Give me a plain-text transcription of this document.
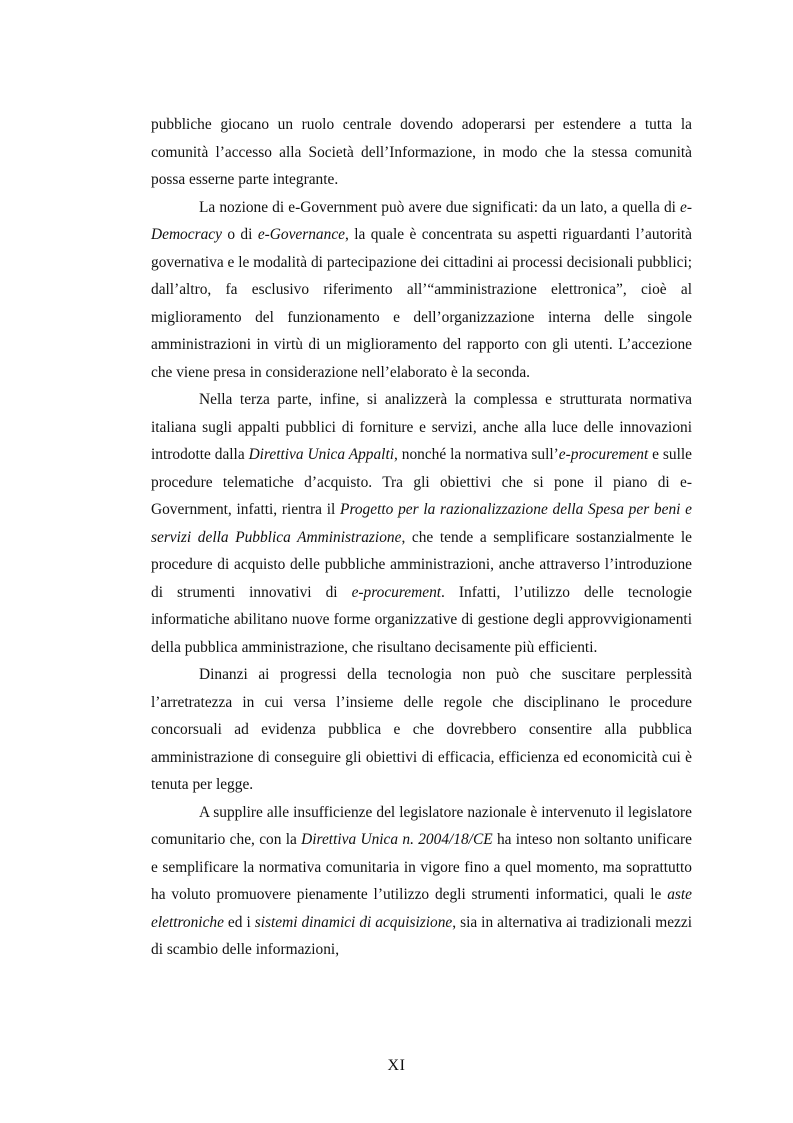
pubbliche giocano un ruolo centrale dovendo adoperarsi per estendere a tutta la comunità l’accesso alla Società dell’Informazione, in modo che la stessa comunità possa esserne parte integrante.

La nozione di e-Government può avere due significati: da un lato, a quella di e-Democracy o di e-Governance, la quale è concentrata su aspetti riguardanti l’autorità governativa e le modalità di partecipazione dei cittadini ai processi decisionali pubblici; dall’altro, fa esclusivo riferimento all’“amministrazione elettronica”, cioè al miglioramento del funzionamento e dell’organizzazione interna delle singole amministrazioni in virtù di un miglioramento del rapporto con gli utenti. L’accezione che viene presa in considerazione nell’elaborato è la seconda.

Nella terza parte, infine, si analizzerà la complessa e strutturata normativa italiana sugli appalti pubblici di forniture e servizi, anche alla luce delle innovazioni introdotte dalla Direttiva Unica Appalti, nonché la normativa sull’e-procurement e sulle procedure telematiche d’acquisto. Tra gli obiettivi che si pone il piano di e-Government, infatti, rientra il Progetto per la razionalizzazione della Spesa per beni e servizi della Pubblica Amministrazione, che tende a semplificare sostanzialmente le procedure di acquisto delle pubbliche amministrazioni, anche attraverso l’introduzione di strumenti innovativi di e-procurement. Infatti, l’utilizzo delle tecnologie informatiche abilitano nuove forme organizzative di gestione degli approvvigionamenti della pubblica amministrazione, che risultano decisamente più efficienti.

Dinanzi ai progressi della tecnologia non può che suscitare perplessità l’arretratezza in cui versa l’insieme delle regole che disciplinano le procedure concorsuali ad evidenza pubblica e che dovrebbero consentire alla pubblica amministrazione di conseguire gli obiettivi di efficacia, efficienza ed economicità cui è tenuta per legge.

A supplire alle insufficienze del legislatore nazionale è intervenuto il legislatore comunitario che, con la Direttiva Unica n. 2004/18/CE ha inteso non soltanto unificare e semplificare la normativa comunitaria in vigore fino a quel momento, ma soprattutto ha voluto promuovere pienamente l’utilizzo degli strumenti informatici, quali le aste elettroniche ed i sistemi dinamici di acquisizione, sia in alternativa ai tradizionali mezzi di scambio delle informazioni,

XI
